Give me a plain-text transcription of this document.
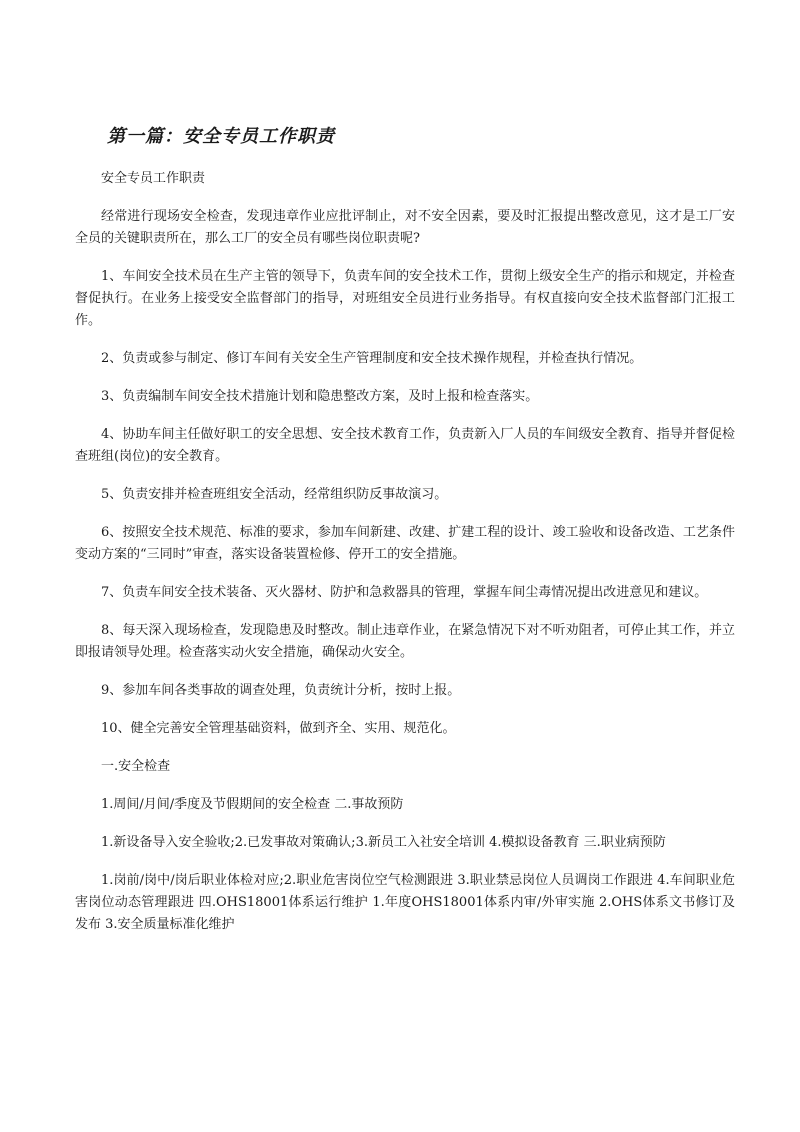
第一篇：安全专员工作职责

安全专员工作职责

经常进行现场安全检查，发现违章作业应批评制止，对不安全因素，要及时汇报提出整改意见，这才是工厂安全员的关键职责所在，那么工厂的安全员有哪些岗位职责呢?

1、车间安全技术员在生产主管的领导下，负责车间的安全技术工作，贯彻上级安全生产的指示和规定，并检查督促执行。在业务上接受安全监督部门的指导，对班组安全员进行业务指导。有权直接向安全技术监督部门汇报工作。

2、负责或参与制定、修订车间有关安全生产管理制度和安全技术操作规程，并检查执行情况。

3、负责编制车间安全技术措施计划和隐患整改方案，及时上报和检查落实。

4、协助车间主任做好职工的安全思想、安全技术教育工作，负责新入厂人员的车间级安全教育、指导并督促检查班组(岗位)的安全教育。

5、负责安排并检查班组安全活动，经常组织防反事故演习。

6、按照安全技术规范、标准的要求，参加车间新建、改建、扩建工程的设计、竣工验收和设备改造、工艺条件变动方案的“三同时”审查，落实设备装置检修、停开工的安全措施。

7、负责车间安全技术装备、灭火器材、防护和急救器具的管理，掌握车间尘毒情况提出改进意见和建议。

8、每天深入现场检查，发现隐患及时整改。制止违章作业，在紧急情况下对不听劝阻者，可停止其工作，并立即报请领导处理。检查落实动火安全措施，确保动火安全。

9、参加车间各类事故的调查处理，负责统计分析，按时上报。

10、健全完善安全管理基础资料，做到齐全、实用、规范化。

一.安全检查

1.周间/月间/季度及节假期间的安全检查 二.事故预防

1.新设备导入安全验收;2.已发事故对策确认;3.新员工入社安全培训 4.模拟设备教育 三.职业病预防

1.岗前/岗中/岗后职业体检对应;2.职业危害岗位空气检测跟进 3.职业禁忌岗位人员调岗工作跟进 4.车间职业危害岗位动态管理跟进 四.OHS18001体系运行维护 1.年度OHS18001体系内审/外审实施 2.OHS体系文书修订及发布 3.安全质量标准化维护
